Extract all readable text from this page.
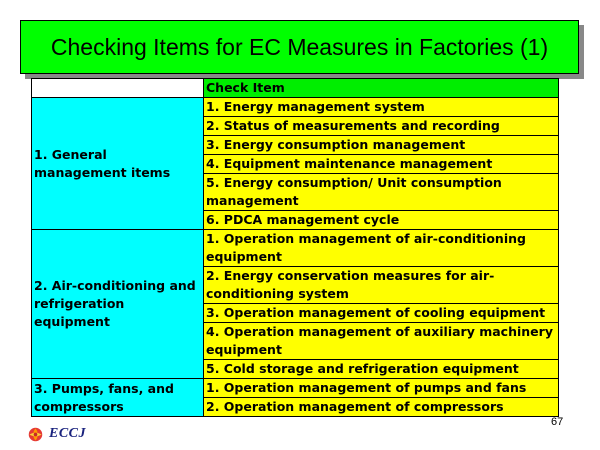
Checking Items for EC Measures in Factories (1)
	Check Item
1. General management items	1. Energy management system
	2. Status of measurements and recording
	3. Energy consumption management
	4. Equipment maintenance management
	5. Energy consumption/ Unit consumption management
	6. PDCA management cycle
2. Air-conditioning and refrigeration equipment	1. Operation management of air-conditioning equipment
	2. Energy conservation measures for air-conditioning system
	3. Operation management of cooling equipment
	4. Operation management of auxiliary machinery equipment
	5. Cold storage and refrigeration equipment
3. Pumps, fans, and compressors	1. Operation management of pumps and fans
	2. Operation management of compressors
67
ECCJ
